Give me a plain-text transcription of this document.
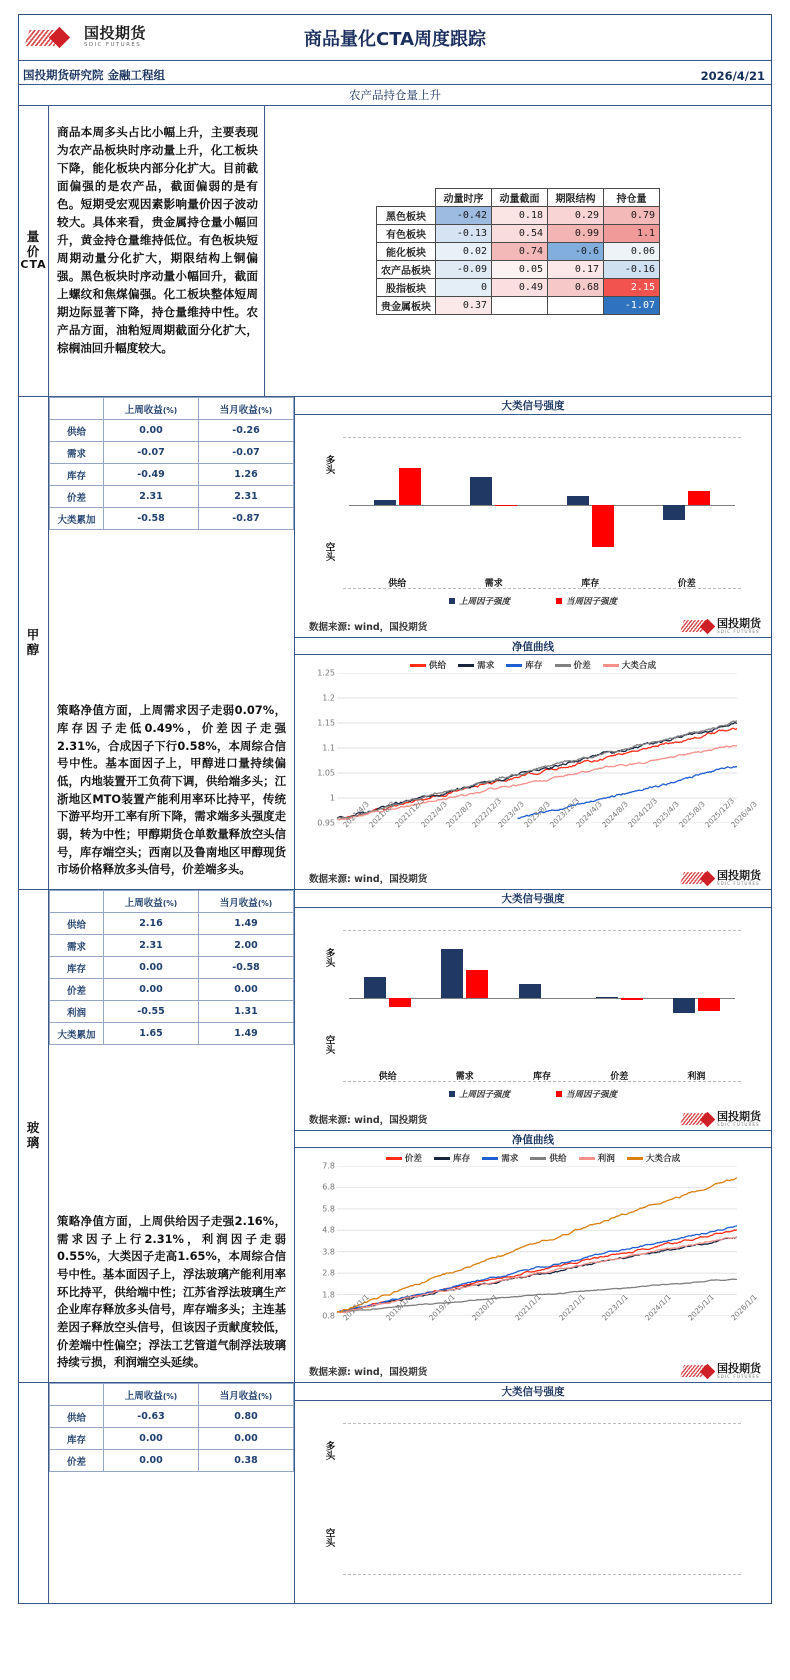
国投期货
SDIC FUTURES	商品量化CTA周度跟踪
国投期货研究院 金融工程组	2026/4/21
农产品持仓量上升
量
价
CTA
商品本周多头占比小幅上升，主要表现为农产品板块时序动量上升，化工板块下降，能化板块内部分化扩大。目前截面偏强的是农产品，截面偏弱的是有色。短期受宏观因素影响量价因子波动较大。具体来看，贵金属持仓量小幅回升，黄金持仓量维持低位。有色板块短周期动量分化扩大，期限结构上铜偏强。黑色板块时序动量小幅回升，截面上螺纹和焦煤偏强。化工板块整体短周期边际显著下降，持仓量维持中性。农产品方面，油粕短周期截面分化扩大，棕榈油回升幅度较大。
	动量时序	动量截面	期限结构	持仓量
黑色板块	-0.42	0.18	0.29	0.79
有色板块	-0.13	0.54	0.99	1.1
能化板块	0.02	0.74	-0.6	0.06
农产品板块	-0.09	0.05	0.17	-0.16
股指板块	0	0.49	0.68	2.15
贵金属板块	0.37			-1.07
甲
醇
	上周收益(%)	当月收益(%)
供给	0.00	-0.26
需求	-0.07	-0.07
库存	-0.49	1.26
价差	2.31	2.31
大类累加	-0.58	-0.87
策略净值方面，上周需求因子走弱0.07%，库存因子走低0.49%，价差因子走强2.31%，合成因子下行0.58%，本周综合信号中性。基本面因子上，甲醇进口量持续偏低，内地装置开工负荷下调，供给端多头；江浙地区MTO装置产能利用率环比持平，传统下游平均开工率有所下降，需求端多头强度走弱，转为中性；甲醇期货仓单数量释放空头信号，库存端空头；西南以及鲁南地区甲醇现货市场价格释放多头信号，价差端多头。
大类信号强度
多头
空头
供给	需求	库存	价差
上周因子强度	当周因子强度
数据来源: wind，国投期货	国投期货
SDIC FUTURES
净值曲线
供给	需求	库存	价差	大类合成
1.25
1.2
1.15
1.1
1.05
1
0.95 2021/4/3
2021/8/3
2021/12/3
2022/4/3
2022/8/3
2022/12/3
2023/4/3
2023/8/3
2023/12/3
2024/4/3
2024/8/3
2024/12/3
2025/4/3
2025/8/3
2025/12/3
2026/4/3
数据来源: wind，国投期货	国投期货
SDIC FUTURES
玻
璃
	上周收益(%)	当月收益(%)
供给	2.16	1.49
需求	2.31	2.00
库存	0.00	-0.58
价差	0.00	0.00
利润	-0.55	1.31
大类累加	1.65	1.49
策略净值方面，上周供给因子走强2.16%，需求因子上行2.31%，利润因子走弱0.55%，大类因子走高1.65%，本周综合信号中性。基本面因子上，浮法玻璃产能利用率环比持平，供给端中性；江苏省浮法玻璃生产企业库存释放多头信号，库存端多头；主连基差因子释放空头信号，但该因子贡献度较低，价差端中性偏空；浮法工艺管道气制浮法玻璃持续亏损，利润端空头延续。
大类信号强度
多头
空头
供给	需求	库存	价差	利润
上周因子强度	当周因子强度
数据来源: wind，国投期货	国投期货
SDIC FUTURES
净值曲线
价差	库存	需求	供给	利润	大类合成
7.8
6.8
5.8
4.8
3.8
2.8
1.8
0.8 2017/1/1 2018/1/1 2019/1/1 2020/1/1 2021/1/1 2022/1/1 2023/1/1 2024/1/1 2025/1/1 2026/1/1
数据来源: wind，国投期货	国投期货
SDIC FUTURES
	上周收益(%)	当月收益(%)
供给	-0.63	0.80
库存	0.00	0.00
价差	0.00	0.38
大类信号强度
多头
空头
